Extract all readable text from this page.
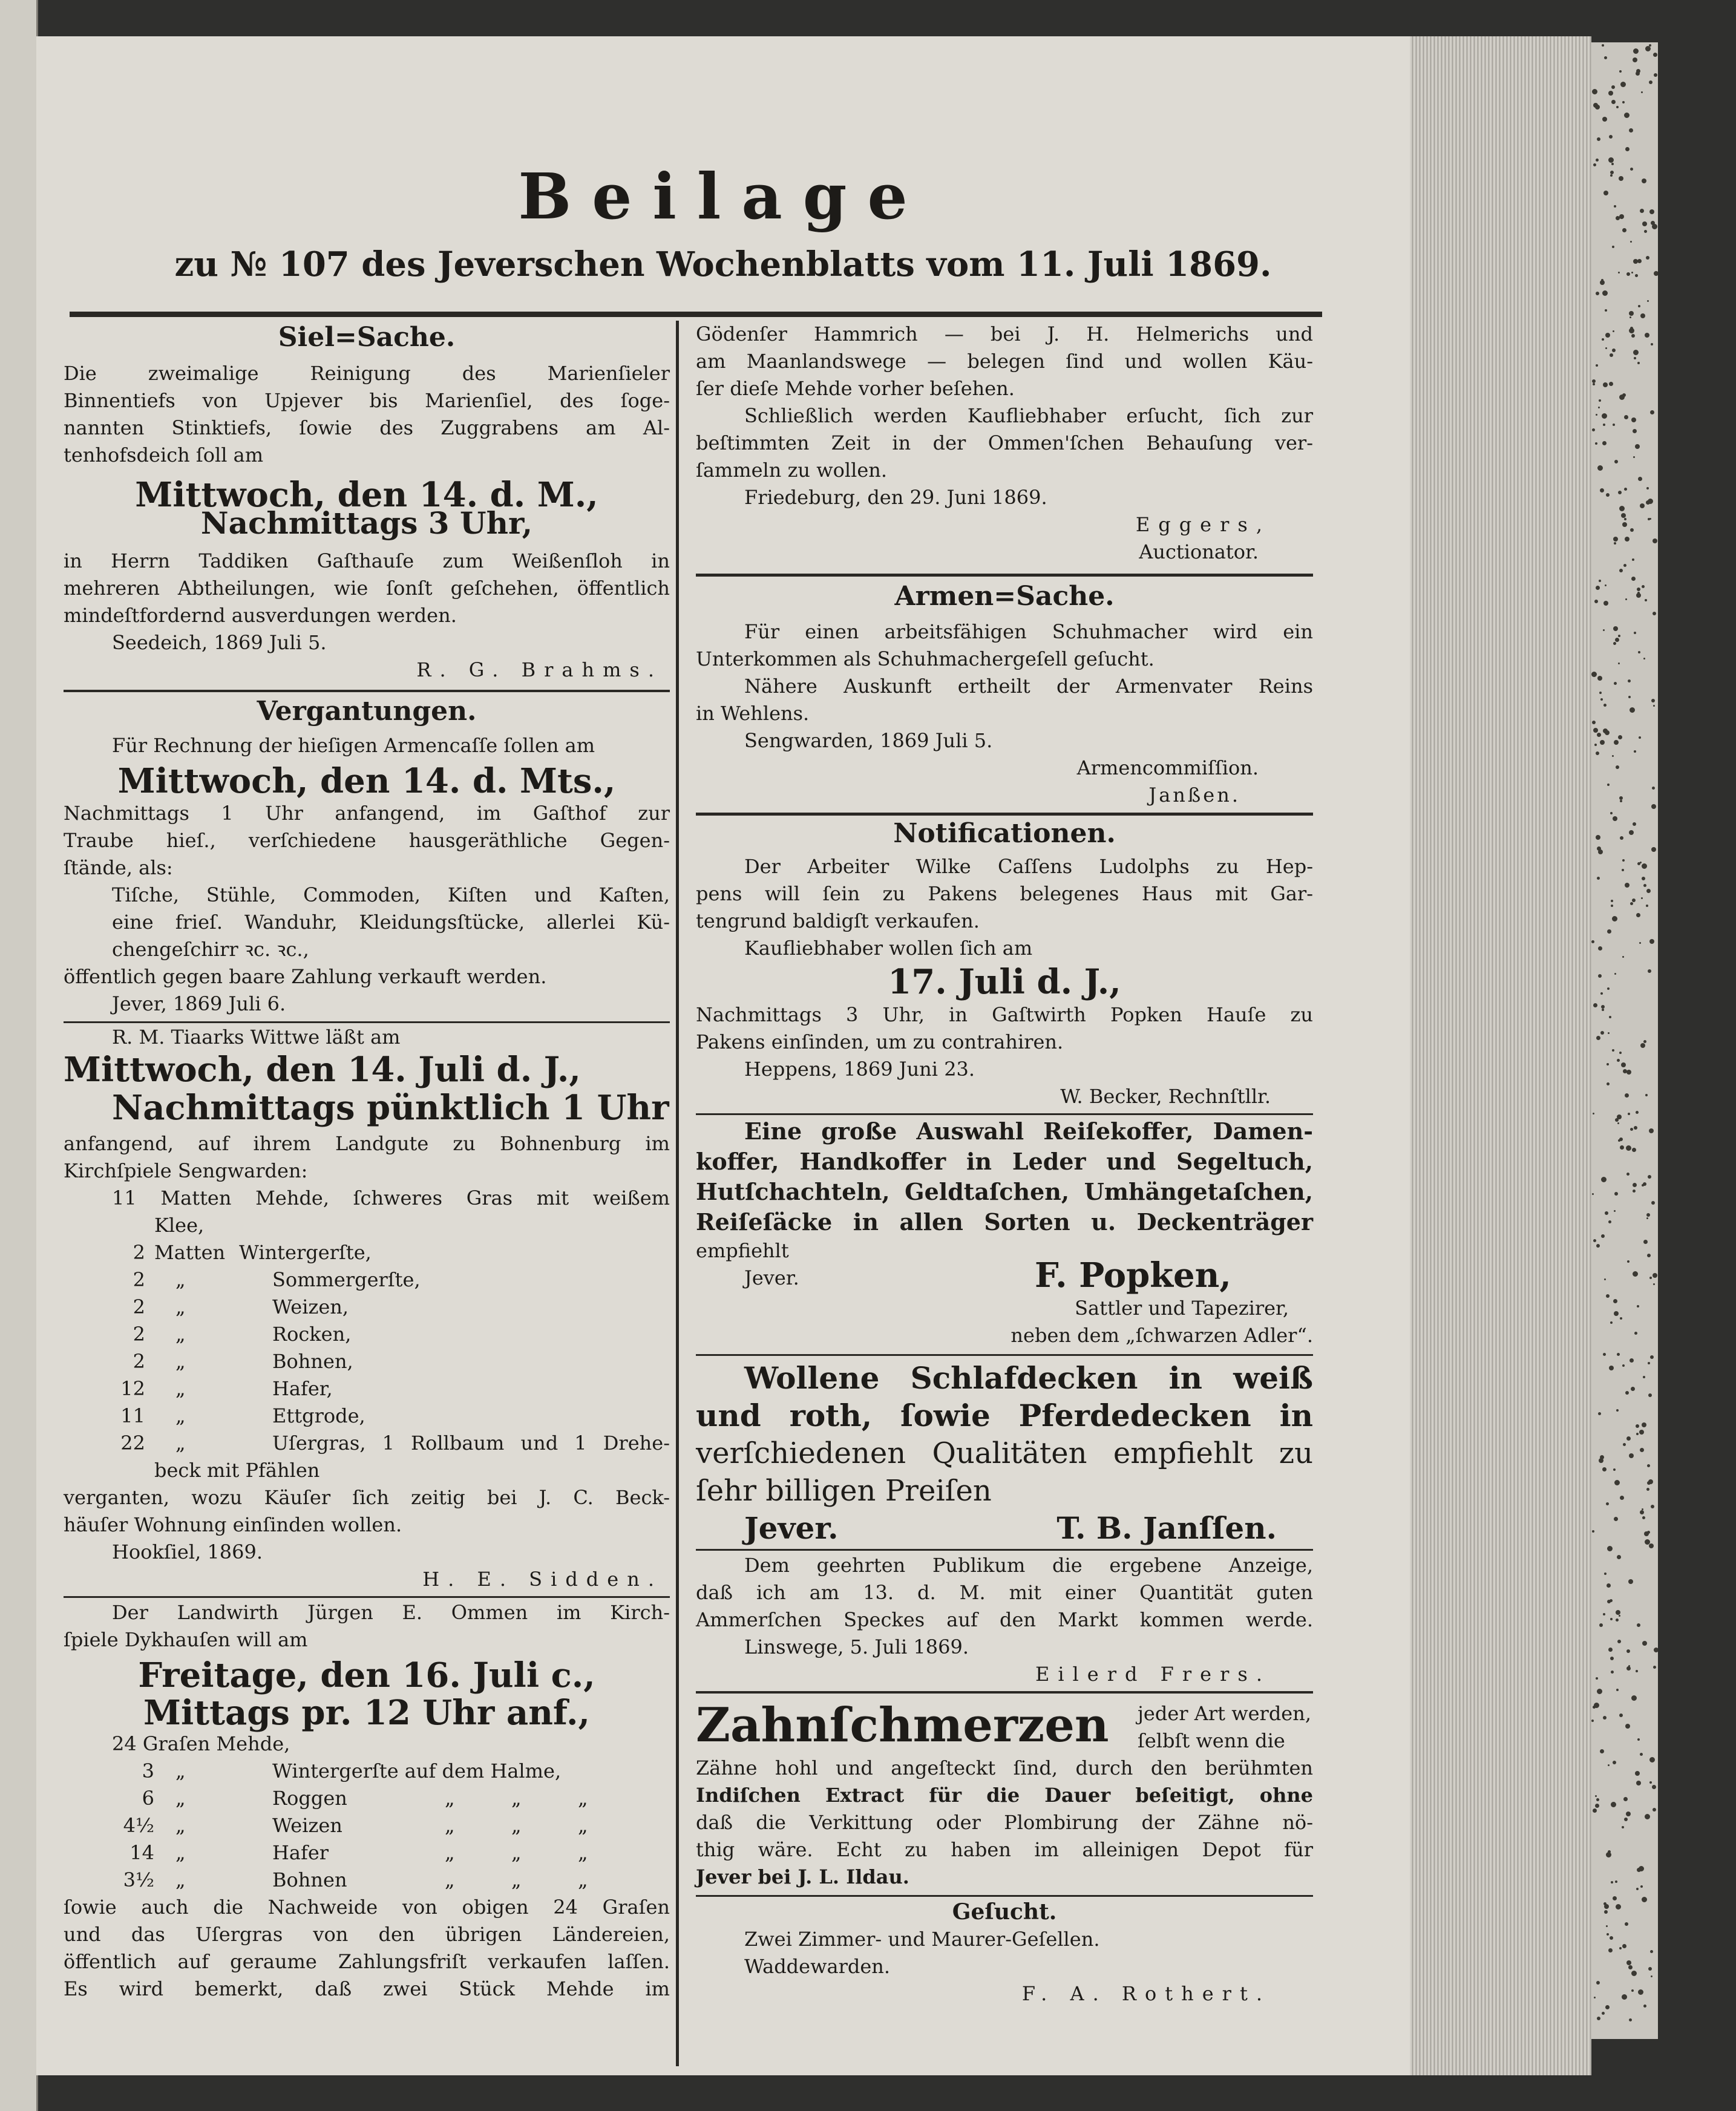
Beilage
zu № 107 des Jeverschen Wochenblatts vom 11. Juli 1869.
Siel=Sache.
Die zweimalige Reinigung des Marienſieler
Binnentiefs von Upjever bis Marienſiel, des ſoge-
nannten Stinktiefs, ſowie des Zuggrabens am Al-
tenhofsdeich ſoll am
Mittwoch, den 14. d. M.,
Nachmittags 3 Uhr,
in Herrn Taddiken Gaſthauſe zum Weißenſloh in
mehreren Abtheilungen, wie ſonſt geſchehen, öffentlich
mindeſtfordernd ausverdungen werden.
Seedeich, 1869 Juli 5.
R. G. Brahms.
Vergantungen.
Für Rechnung der hieſigen Armencaſſe ſollen am
Mittwoch, den 14. d. Mts.,
Nachmittags 1 Uhr anfangend, im Gaſthof zur
Traube hieſ., verſchiedene hausgeräthliche Gegen-
ſtände, als:
Tiſche, Stühle, Commoden, Kiſten und Kaſten,
eine frieſ. Wanduhr, Kleidungsſtücke, allerlei Kü-
chengeſchirr ꝛc. ꝛc.,
öffentlich gegen baare Zahlung verkauft werden.
Jever, 1869 Juli 6.
R. M. Tiaarks Wittwe läßt am
Mittwoch, den 14. Juli d. J.,
Nachmittags pünktlich 1 Uhr
anfangend, auf ihrem Landgute zu Bohnenburg im
Kirchſpiele Sengwarden:
11 Matten Mehde, ſchweres Gras mit weißem
Klee,
2 Matten Wintergerſte,
2 „	Sommergerſte,
2 „	Weizen,
2 „	Rocken,
2 „	Bohnen,
12 „	Hafer,
11 „	Ettgrode,
22 „	Uſergras, 1 Rollbaum und 1 Drehe-
beck mit Pfählen
verganten, wozu Käuſer ſich zeitig bei J. C. Beck-
häuſer Wohnung einſinden wollen.
Hookſiel, 1869.
H. E. Sidden.
Der Landwirth Jürgen E. Ommen im Kirch-
ſpiele Dykhauſen will am
Freitage, den 16. Juli c.,
Mittags pr. 12 Uhr anf.,
24 Graſen Mehde,
3 „	Wintergerſte auf dem Halme,
6 „	Roggen	„	„	„
4½ „	Weizen	„	„	„
14 „	Hafer	„	„	„
3½ „	Bohnen	„	„	„
ſowie auch die Nachweide von obigen 24 Graſen
und das Uſergras von den übrigen Ländereien,
öffentlich auf geraume Zahlungsfriſt verkaufen laſſen.
Es wird bemerkt, daß zwei Stück Mehde im
Gödenſer Hammrich — bei J. H. Helmerichs und
am Maanlandswege — belegen ſind und wollen Käu-
ſer dieſe Mehde vorher beſehen.
Schließlich werden Kaufliebhaber erſucht, ſich zur
beſtimmten Zeit in der Ommen'ſchen Behauſung ver-
ſammeln zu wollen.
Friedeburg, den 29. Juni 1869.
Eggers,
Auctionator.
Armen=Sache.
Für einen arbeitsfähigen Schuhmacher wird ein
Unterkommen als Schuhmachergeſell geſucht.
Nähere Auskunft ertheilt der Armenvater Reins
in Wehlens.
Sengwarden, 1869 Juli 5.
Armencommiſſion.
Janßen.
Notificationen.
Der Arbeiter Wilke Caſſens Ludolphs zu Hep-
pens will ſein zu Pakens belegenes Haus mit Gar-
tengrund baldigſt verkaufen.
Kaufliebhaber wollen ſich am
17. Juli d. J.,
Nachmittags 3 Uhr, in Gaſtwirth Popken Hauſe zu
Pakens einſinden, um zu contrahiren.
Heppens, 1869 Juni 23.
W. Becker, Rechnſtllr.
Eine große Auswahl Reiſekoffer, Damen-
koffer, Handkoffer in Leder und Segeltuch,
Hutſchachteln, Geldtaſchen, Umhängetaſchen,
Reiſeſäcke in allen Sorten u. Deckenträger
empfiehlt
Jever.	F. Popken,
Sattler und Tapezirer,
neben dem „ſchwarzen Adler“.
Wollene Schlafdecken in weiß
und roth, ſowie Pferdedecken in
verſchiedenen Qualitäten empfiehlt zu
ſehr billigen Preiſen
Jever.	T. B. Janſſen.
Dem geehrten Publikum die ergebene Anzeige,
daß ich am 13. d. M. mit einer Quantität guten
Ammerſchen Speckes auf den Markt kommen werde.
Linswege, 5. Juli 1869.
Eilerd Frers.
Zahnſchmerzen jeder Art werden,
ſelbſt wenn die
Zähne hohl und angeſteckt ſind, durch den berühmten
Indiſchen Extract für die Dauer beſeitigt, ohne
daß die Verkittung oder Plombirung der Zähne nö-
thig wäre. Echt zu haben im alleinigen Depot für
Jever bei J. L. Ildau.
Geſucht.
Zwei Zimmer- und Maurer-Geſellen.
Waddewarden.
F. A. Rothert.
